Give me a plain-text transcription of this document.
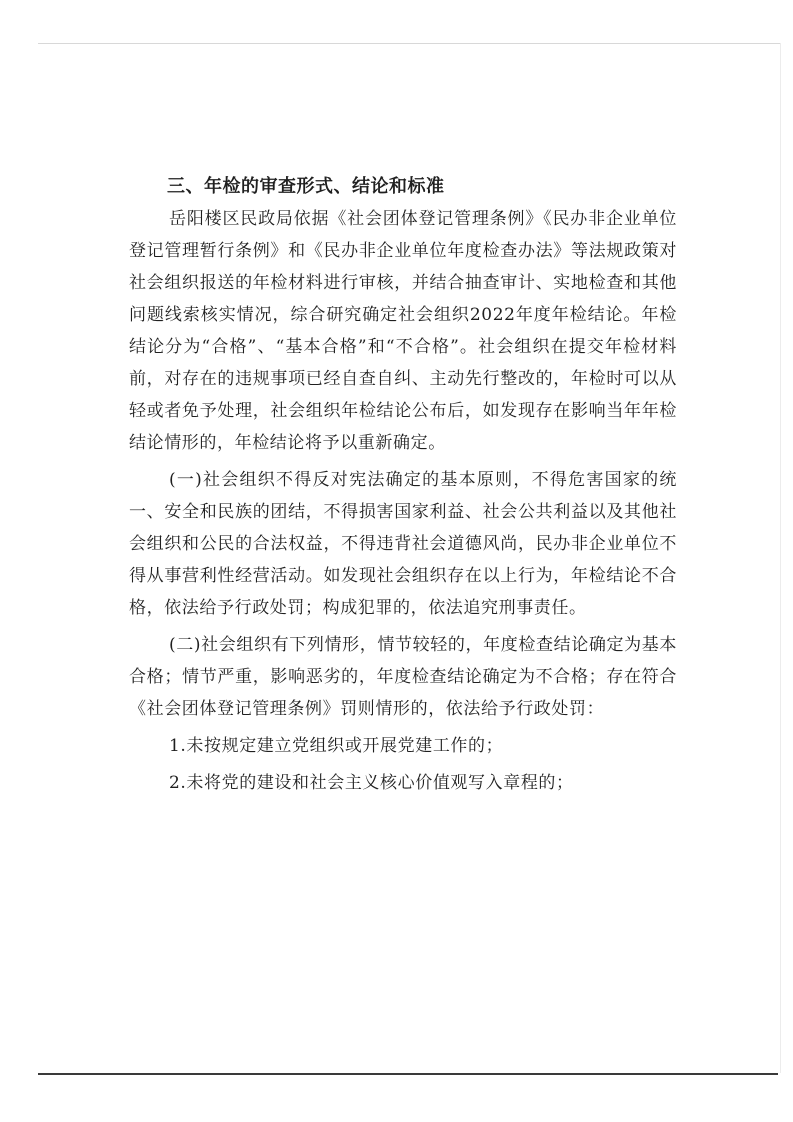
三、年检的审查形式、结论和标准

岳阳楼区民政局依据《社会团体登记管理条例》《民办非企业单位登记管理暂行条例》和《民办非企业单位年度检查办法》等法规政策对社会组织报送的年检材料进行审核，并结合抽查审计、实地检查和其他问题线索核实情况，综合研究确定社会组织2022年度年检结论。年检结论分为“合格”、“基本合格”和“不合格”。社会组织在提交年检材料前，对存在的违规事项已经自查自纠、主动先行整改的，年检时可以从轻或者免予处理，社会组织年检结论公布后，如发现存在影响当年年检结论情形的，年检结论将予以重新确定。

(一)社会组织不得反对宪法确定的基本原则，不得危害国家的统一、安全和民族的团结，不得损害国家利益、社会公共利益以及其他社会组织和公民的合法权益，不得违背社会道德风尚，民办非企业单位不得从事营利性经营活动。如发现社会组织存在以上行为，年检结论不合格，依法给予行政处罚；构成犯罪的，依法追究刑事责任。

(二)社会组织有下列情形，情节较轻的，年度检查结论确定为基本合格；情节严重，影响恶劣的，年度检查结论确定为不合格；存在符合《社会团体登记管理条例》罚则情形的，依法给予行政处罚：

1.未按规定建立党组织或开展党建工作的；

2.未将党的建设和社会主义核心价值观写入章程的；
